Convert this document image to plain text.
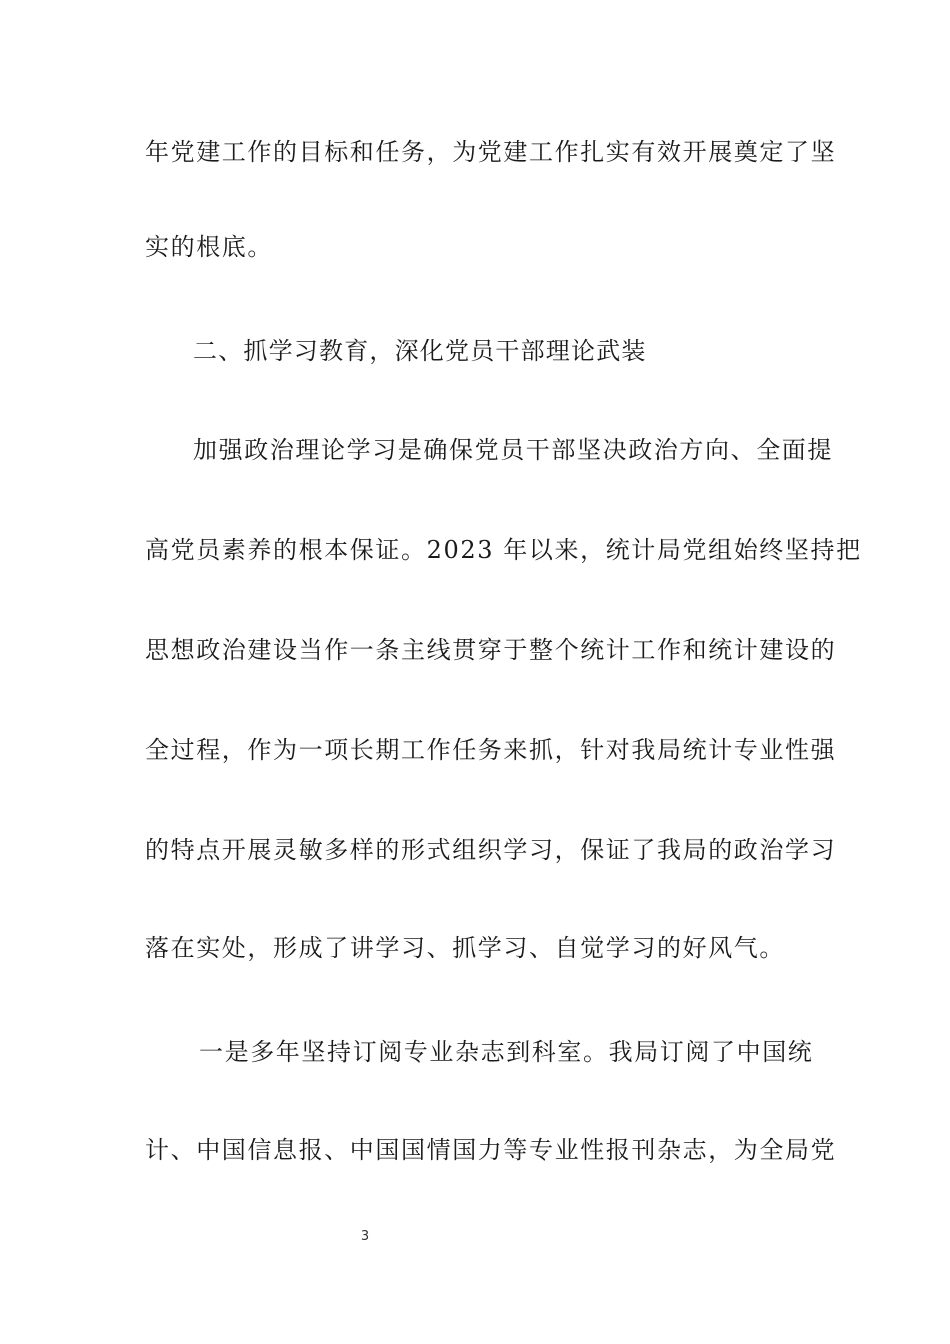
年党建工作的目标和任务，为党建工作扎实有效开展奠定了坚
实的根底。
二、抓学习教育，深化党员干部理论武装
加强政治理论学习是确保党员干部坚决政治方向、全面提
高党员素养的根本保证。2023 年以来，统计局党组始终坚持把
思想政治建设当作一条主线贯穿于整个统计工作和统计建设的
全过程，作为一项长期工作任务来抓，针对我局统计专业性强
的特点开展灵敏多样的形式组织学习，保证了我局的政治学习
落在实处，形成了讲学习、抓学习、自觉学习的好风气。
一是多年坚持订阅专业杂志到科室。我局订阅了中国统
计、中国信息报、中国国情国力等专业性报刊杂志，为全局党
3
